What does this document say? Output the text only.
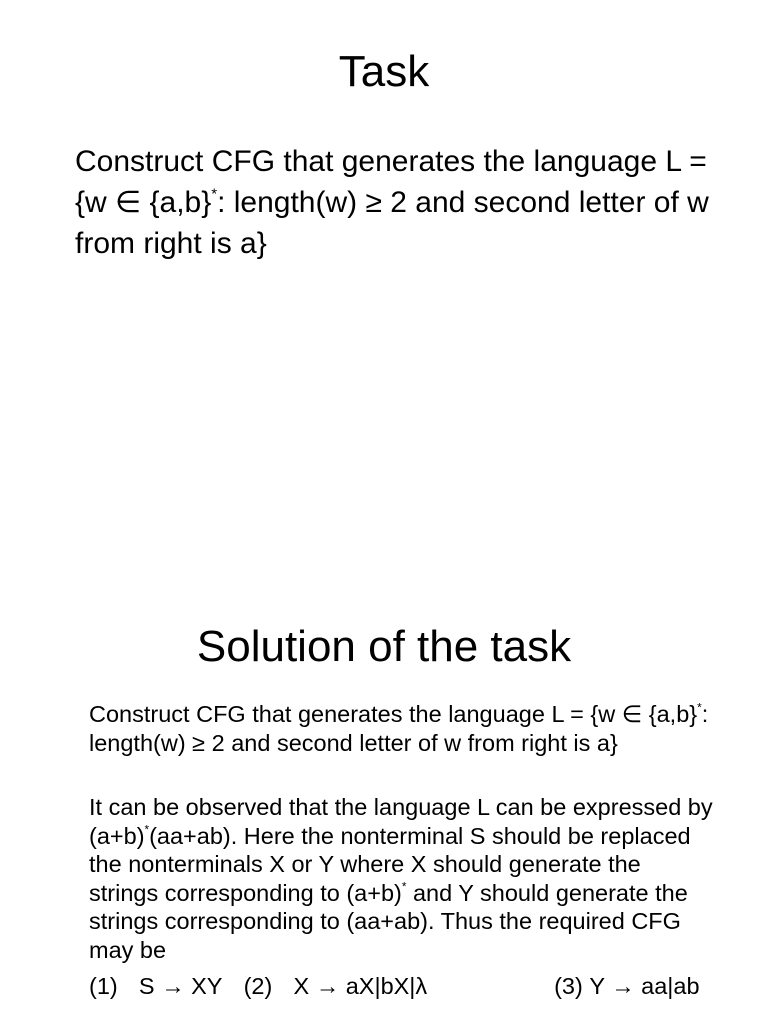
Task

Construct CFG that generates the language L = {w ∈ {a,b}*: length(w) ≥ 2 and second letter of w from right is a}

Solution of the task

Construct CFG that generates the language L = {w ∈ {a,b}*: length(w) ≥ 2 and second letter of w from right is a}

It can be observed that the language L can be expressed by (a+b)*(aa+ab). Here the nonterminal S should be replaced the nonterminals X or Y where X should generate the strings corresponding to (a+b)* and Y should generate the strings corresponding to (aa+ab). Thus the required CFG may be

(1) S → XY (2) X → aX|bX|λ	(3) Y → aa|ab
